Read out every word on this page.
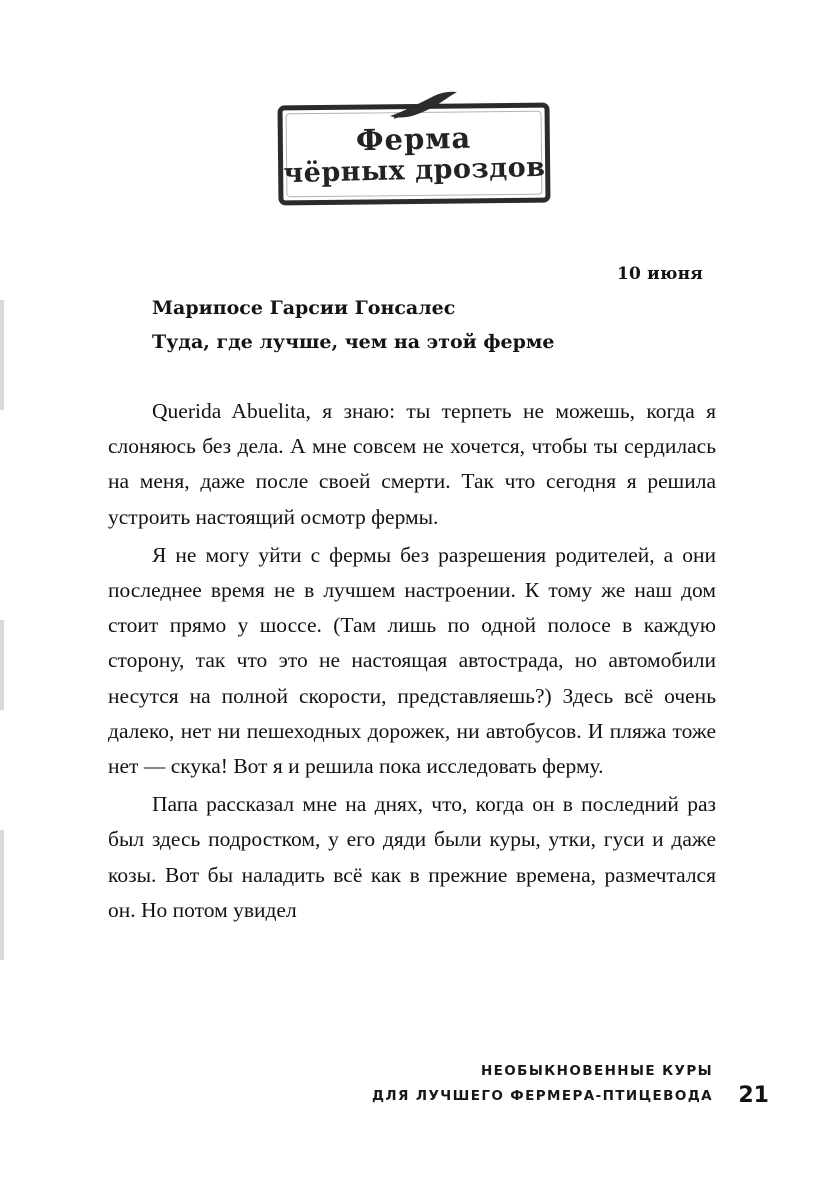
Ферма
чёрных дроздов
10 июня
Марипосе Гарсии Гонсалес
Туда, где лучше, чем на этой ферме

Querida Abuelita, я знаю: ты терпеть не можешь, когда я слоняюсь без дела. А мне совсем не хочется, чтобы ты сердилась на меня, даже после своей смерти. Так что сегодня я решила устроить настоящий осмотр фермы.

Я не могу уйти с фермы без разрешения родителей, а они последнее время не в лучшем настроении. К тому же наш дом стоит прямо у шоссе. (Там лишь по одной полосе в каждую сторону, так что это не настоящая автострада, но автомобили несутся на полной скорости, представляешь?) Здесь всё очень далеко, нет ни пешеходных дорожек, ни автобусов. И пляжа тоже нет — скука! Вот я и решила пока исследовать ферму.

Папа рассказал мне на днях, что, когда он в последний раз был здесь подростком, у его дяди были куры, утки, гуси и даже козы. Вот бы наладить всё как в прежние времена, размечтался он. Но потом увидел

НЕОБЫКНОВЕННЫЕ КУРЫ
ДЛЯ ЛУЧШЕГО ФЕРМЕРА-ПТИЦЕВОДА 21
